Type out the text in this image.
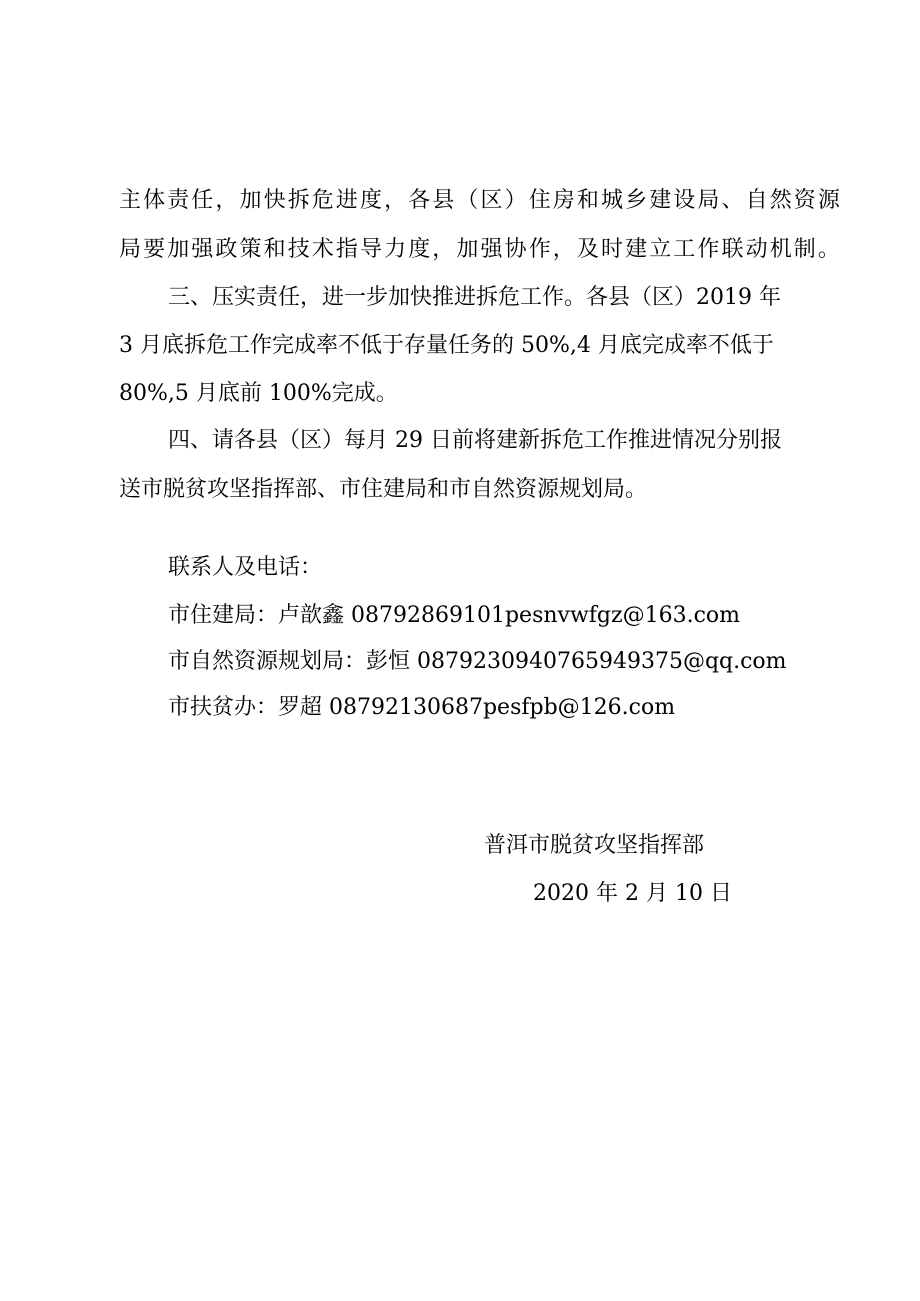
主体责任，加快拆危进度，各县（区）住房和城乡建设局、自然资源
局要加强政策和技术指导力度，加强协作，及时建立工作联动机制。
三、压实责任，进一步加快推进拆危工作。各县（区）2019 年
3 月底拆危工作完成率不低于存量任务的 50%,4 月底完成率不低于
80%,5 月底前 100%完成。
四、请各县（区）每月 29 日前将建新拆危工作推进情况分别报
送市脱贫攻坚指挥部、市住建局和市自然资源规划局。
联系人及电话：
市住建局：卢歆鑫 08792869101pesnvwfgz@163.com
市自然资源规划局：彭恒 0879230940765949375@qq.com
市扶贫办：罗超 08792130687pesfpb@126.com
普洱市脱贫攻坚指挥部
2020 年 2 月 10 日
